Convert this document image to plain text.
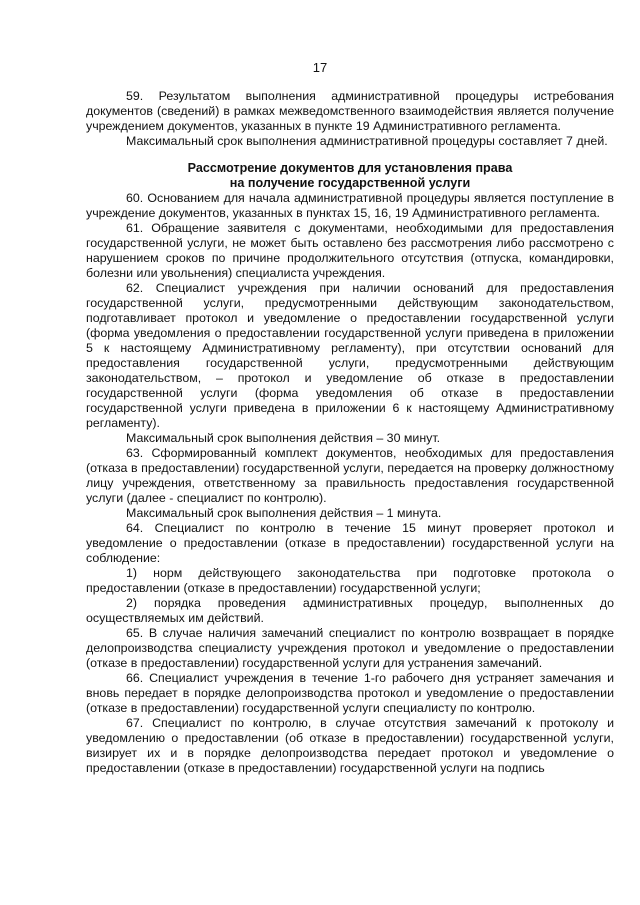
17

59. Результатом выполнения административной процедуры истребования документов (сведений) в рамках межведомственного взаимодействия является получение учреждением документов, указанных в пункте 19 Административного регламента.

Максимальный срок выполнения административной процедуры составляет 7 дней.

Рассмотрение документов для установления права
на получение государственной услуги

60. Основанием для начала административной процедуры является поступление в учреждение документов, указанных в пунктах 15, 16, 19 Административного регламента.

61. Обращение заявителя с документами, необходимыми для предоставления государственной услуги, не может быть оставлено без рассмотрения либо рассмотрено с нарушением сроков по причине продолжительного отсутствия (отпуска, командировки, болезни или увольнения) специалиста учреждения.

62. Специалист учреждения при наличии оснований для предоставления государственной услуги, предусмотренными действующим законодательством, подготавливает протокол и уведомление о предоставлении государственной услуги (форма уведомления о предоставлении государственной услуги приведена в приложении 5 к настоящему Административному регламенту), при отсутствии оснований для предоставления государственной услуги, предусмотренными действующим законодательством, – протокол и уведомление об отказе в предоставлении государственной услуги (форма уведомления об отказе в предоставлении государственной услуги приведена в приложении 6 к настоящему Административному регламенту).

Максимальный срок выполнения действия – 30 минут.

63. Сформированный комплект документов, необходимых для предоставления (отказа в предоставлении) государственной услуги, передается на проверку должностному лицу учреждения, ответственному за правильность предоставления государственной услуги (далее - специалист по контролю).

Максимальный срок выполнения действия – 1 минута.

64. Специалист по контролю в течение 15 минут проверяет протокол и уведомление о предоставлении (отказе в предоставлении) государственной услуги на соблюдение:

1) норм действующего законодательства при подготовке протокола о предоставлении (отказе в предоставлении) государственной услуги;

2) порядка проведения административных процедур, выполненных до осуществляемых им действий.

65. В случае наличия замечаний специалист по контролю возвращает в порядке делопроизводства специалисту учреждения протокол и уведомление о предоставлении (отказе в предоставлении) государственной услуги для устранения замечаний.

66. Специалист учреждения в течение 1-го рабочего дня устраняет замечания и вновь передает в порядке делопроизводства протокол и уведомление о предоставлении (отказе в предоставлении) государственной услуги специалисту по контролю.

67. Специалист по контролю, в случае отсутствия замечаний к протоколу и уведомлению о предоставлении (об отказе в предоставлении) государственной услуги, визирует их и в порядке делопроизводства передает протокол и уведомление о предоставлении (отказе в предоставлении) государственной услуги на подпись
